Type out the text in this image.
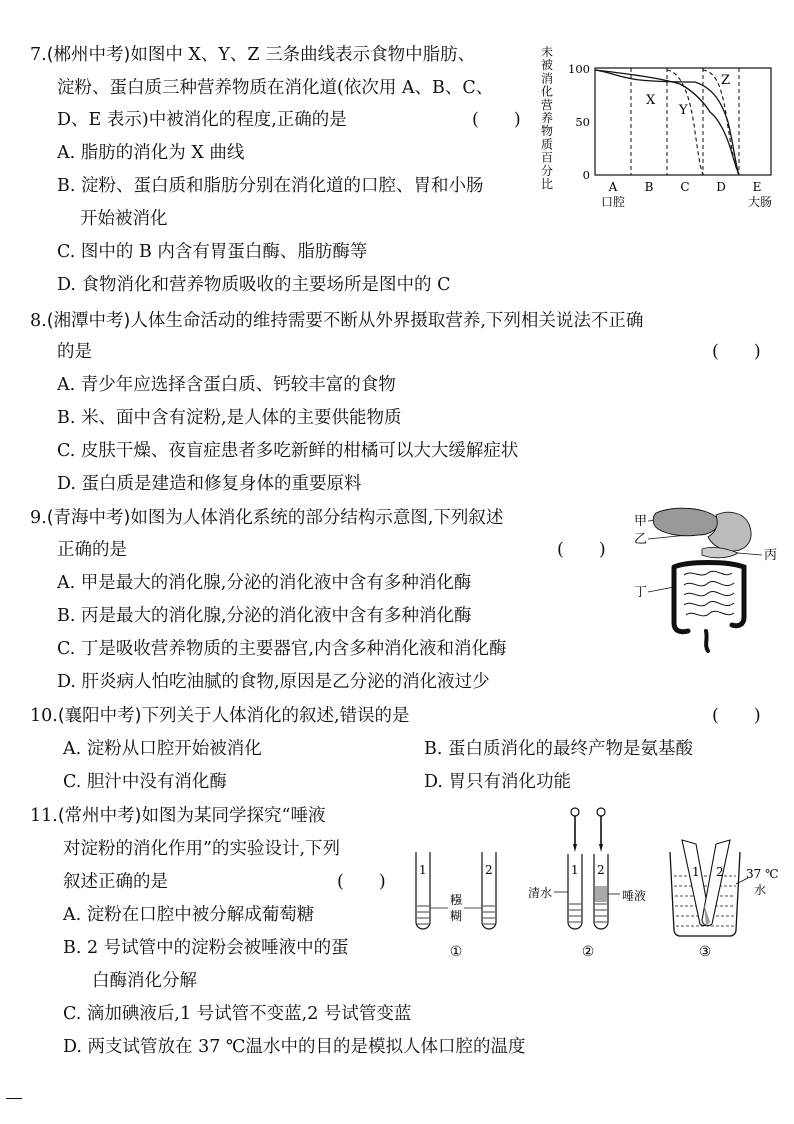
7.(郴州中考)如图中 X、Y、Z 三条曲线表示食物中脂肪、
淀粉、蛋白质三种营养物质在消化道(依次用 A、B、C、
D、E 表示)中被消化的程度,正确的是	(　　)
A. 脂肪的消化为 X 曲线
B. 淀粉、蛋白质和脂肪分别在消化道的口腔、胃和小肠
开始被消化
C. 图中的 B 内含有胃蛋白酶、脂肪酶等
D. 食物消化和营养物质吸收的主要场所是图中的 C
未
被
消
化
营
养
物
质
百
分
比
100
50
0
X
Y
Z
A B C D E
口腔	大肠
8.(湘潭中考)人体生命活动的维持需要不断从外界摄取营养,下列相关说法不正确
的是	(　　)
A. 青少年应选择含蛋白质、钙较丰富的食物
B. 米、面中含有淀粉,是人体的主要供能物质
C. 皮肤干燥、夜盲症患者多吃新鲜的柑橘可以大大缓解症状
D. 蛋白质是建造和修复身体的重要原料
9.(青海中考)如图为人体消化系统的部分结构示意图,下列叙述
正确的是	(　　)
A. 甲是最大的消化腺,分泌的消化液中含有多种消化酶
B. 丙是最大的消化腺,分泌的消化液中含有多种消化酶
C. 丁是吸收营养物质的主要器官,内含多种消化液和消化酶
D. 肝炎病人怕吃油腻的食物,原因是乙分泌的消化液过少
甲
乙
丙
丁
10.(襄阳中考)下列关于人体消化的叙述,错误的是	(　　)
A. 淀粉从口腔开始被消化	B. 蛋白质消化的最终产物是氨基酸
C. 胆汁中没有消化酶	D. 胃只有消化功能
11.(常州中考)如图为某同学探究“唾液
对淀粉的消化作用”的实验设计,下列
叙述正确的是	(　　)
A. 淀粉在口腔中被分解成葡萄糖
B. 2 号试管中的淀粉会被唾液中的蛋
白酶消化分解
C. 滴加碘液后,1 号试管不变蓝,2 号试管变蓝
D. 两支试管放在 37 ℃温水中的目的是模拟人体口腔的温度
1	2
糨
糊
①
1 2
清水	唾液
②
1 2 37 ℃
水
③
